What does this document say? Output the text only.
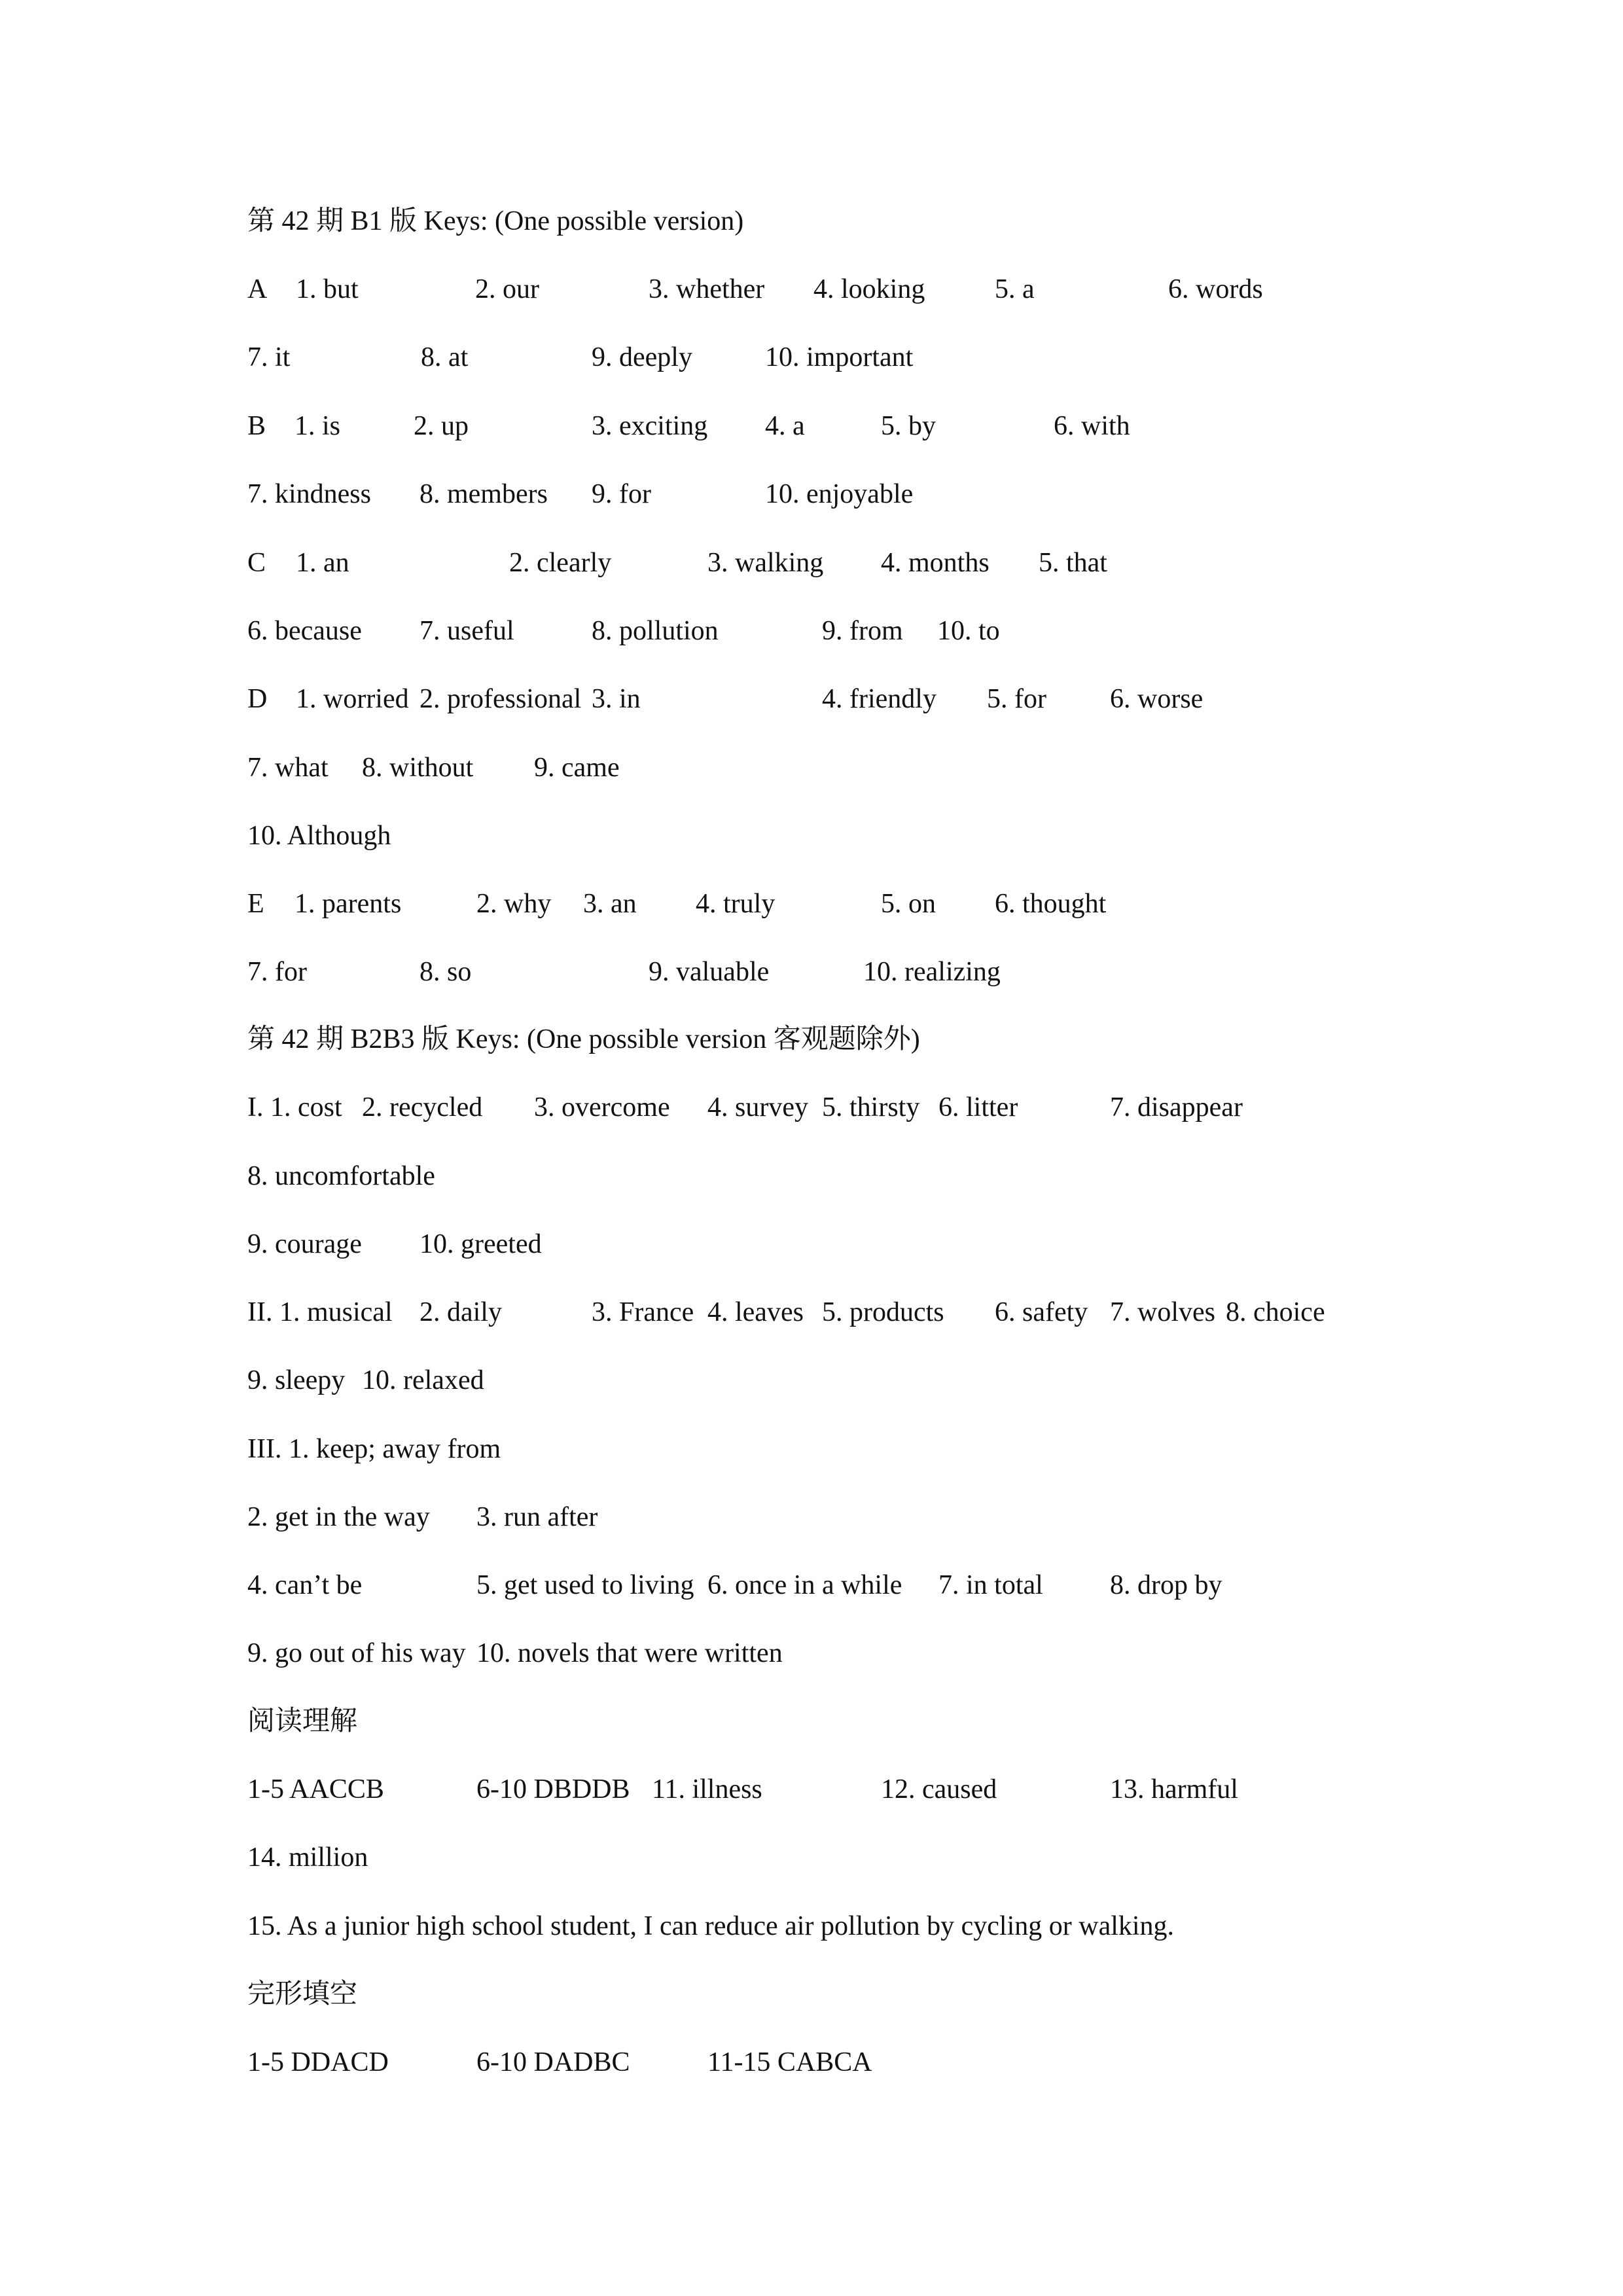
第 42 期 B1 版 Keys: (One possible version)
A 1. but	2. our	3. whether 4. looking	5. a	6. words
7. it	8. at	9. deeply	10. important
B 1. is	2. up	3. exciting 4. a	5. by	6. with
7. kindness 8. members 9. for	10. enjoyable
C 1. an	2. clearly	3. walking 4. months 5. that
6. because 7. useful	8. pollution	9. from 10. to
D 1. worried 2. professional 3. in	4. friendly 5. for 6. worse
7. what 8. without 9. came
10. Although
E 1. parents	2. why 3. an 4. truly	5. on 6. thought
7. for	8. so	9. valuable	10. realizing
第 42 期 B2B3 版 Keys: (One possible version 客观题除外)
I. 1. cost 2. recycled 3. overcome 4. survey 5. thirsty 6. litter	7. disappear
8. uncomfortable
9. courage 10. greeted
II. 1. musical 2. daily	3. France 4. leaves 5. products 6. safety 7. wolves 8. choice
9. sleepy 10. relaxed
III. 1. keep; away from
2. get in the way 3. run after
4. can’t be	5. get used to living 6. once in a while 7. in total 8. drop by
9. go out of his way 10. novels that were written
阅读理解
1-5 AACCB	6-10 DBDDB 11. illness	12. caused	13. harmful
14. million
15. As a junior high school student, I can reduce air pollution by cycling or walking.
完形填空
1-5 DDACD	6-10 DADBC	11-15 CABCA
